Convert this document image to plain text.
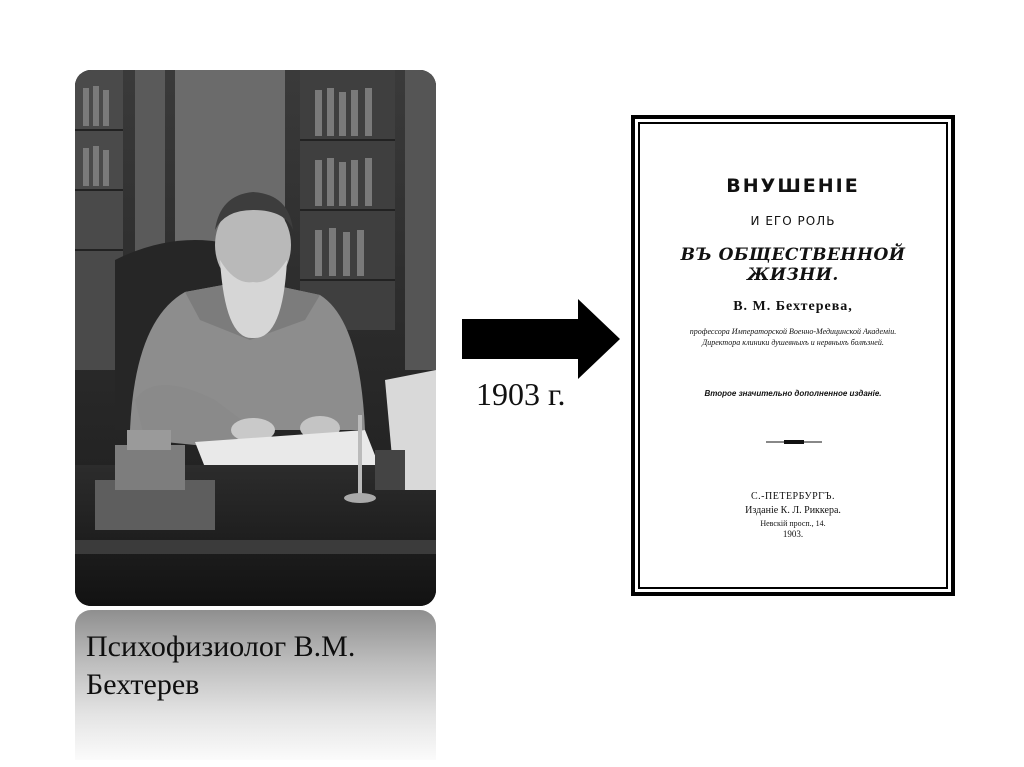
Психофизиолог В.М.
Бехтерев
1903 г.
ВНУШЕНIЕ
И ЕГО РОЛЬ
ВЪ ОБЩЕСТВЕННОЙ ЖИЗНИ.
В. М. Бехтерева,
профессора Императорской Военно-Медицинской Академiи.
Директора клиники душевныхъ и нервныхъ болѣзней.
Второе значительно дополненное изданiе.
С.-ПЕТЕРБУРГЪ.
Изданiе К. Л. Риккера.
Невскiй просп., 14.
1903.
